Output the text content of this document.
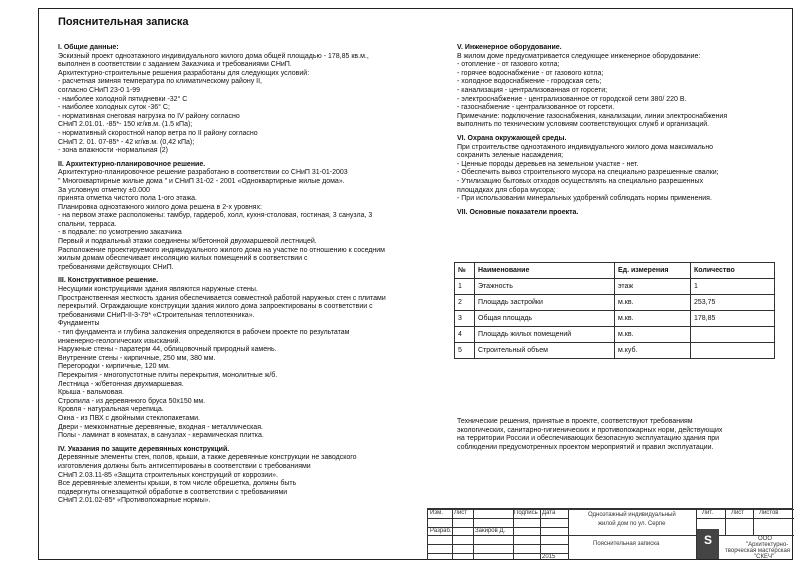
Пояснительная записка
I. Общие данные:
Эскизный проект одноэтажного индивидуального жилого дома общей площадью - 178,85 кв.м.,
выполнен в соответствии с заданием Заказчика и требованиями СНиП.
Архитектурно-строительные решения разработаны для следующих условий:
- расчетная зимняя температура по климатическому району II,
согласно СНиП 23-0 1-99
- наиболее холодной пятидневки -32° С
- наиболее холодных суток -36° С;
- нормативная снеговая нагрузка по IV району согласно
СНиП 2.01.01. -85*- 150 кг/кв.м. (1.5 кПа);
- нормативный скоростной напор ветра по II району согласно
СНиП 2. 01. 07-85* - 42 кг/кв.м. (0,42 кПа);
- зона влажности -нормальная (2)
II. Архитектурно-планировочное решение.
Архитектурно-планировочное решение разработано в соответствии со СНиП 31-01-2003
" Многоквартирные жилые дома " и СНиП 31-02 - 2001 «Одноквартирные жилые дома».
За условную отметку ±0.000
принята отметка чистого пола 1-ого этажа.
Планировка одноэтажного жилого дома решена в 2-х уровнях:
- на первом этаже расположены: тамбур, гардероб, холл, кухня-столовая, гостиная, 3 санузла, 3
спальни, терраса.
- в подвале: по усмотрению заказчика
Первый и подвальный этажи соединены ж/бетонной двухмаршевой лестницей.
Расположение проектируемого индивидуального жилого дома на участке по отношению к соседним
жилым домам обеспечивает инсоляцию жилых помещений в соответствии с
требованиями действующих СНиП.
III. Конструктивное решение.
Несущими конструкциями здания являются наружные стены.
Пространственная жесткость здания обеспечивается совместной работой наружных стен с плитами
перекрытий. Ограждающие конструкции здания жилого дома запроектированы в соответствии с
требованиями СНиП-II-3-79* «Строительная теплотехника».
Фундаменты
- тип фундамента и глубина заложения определяются в рабочем проекте по результатам
инженерно-геологических изысканий.
Наружные стены - паратерм 44, облицовочный природный камень.
Внутренние стены - кирпичные, 250 мм, 380 мм.
Перегородки - кирпичные, 120 мм.
Перекрытия - многопустотные плиты перекрытия, монолитные ж/б.
Лестница - ж/бетонная двухмаршевая.
Крыша - вальмовая.
Стропила - из деревянного бруса 50x150 мм.
Кровля - натуральная черепица.
Окна - из ПВХ с двойными стеклопакетами.
Двери - межкомнатные деревянные, входная - металлическая.
Полы - ламинат в комнатах, в санузлах - керамическая плитка.
IV. Указания по защите деревянных конструкций.
Деревянные элементы стен, полов, крыши, а также деревянные конструкции не заводского
изготовления должны быть антисептированы в соответствии с требованиями
СНиП 2.03.11-85 «Защита строительных конструкций от коррозии».
Все деревянные элементы крыши, в том числе обрешетка, должны быть
подвергнуты огнезащитной обработке в соответствии с требованиями
СНиП 2.01.02-85* «Противопожарные нормы».
V. Инженерное оборудование.
В жилом доме предусматривается следующее инженерное оборудование:
- отопление - от газового котла;
- горячее водоснабжение - от газового котла;
- холодное водоснабжение - городская сеть;
- канализация - централизованная от горсети;
- электроснабжение - централизованное от городской сети 380/ 220 В.
- газоснабжение - централизованное от горсети.
Примечание: подключение газоснабжения, канализации, линии электроснабжения
выполнить по техническим условиям соответствующих служб и организаций.
VI. Охрана окружающей среды.
При строительстве одноэтажного индивидуального жилого дома максимально
сохранить зеленые насаждения;
- Ценные породы деревьев на земельном участке - нет.
- Обеспечить вывоз строительного мусора на специально разрешенные свалки;
- Утилизацию бытовых отходов осуществлять на специально разрешенных
площадках для сбора мусора;
- При использовании минеральных удобрений соблюдать нормы применения.
VII. Основные показатели проекта.
№	Наименование	Ед. измерения	Количество
1	Этажность	этаж	1
2	Площадь застройки	м.кв.	253,75
3	Общая площадь	м.кв.	178,85
4	Площадь жилых помещений	м.кв.	
5	Строительный объем	м.куб.	
Технические решения, принятые в проекте, соответствуют требованиям
экологических, санитарно-гигиенических и противопожарных норм, действующих
на территории России и обеспечивающих безопасную эксплуатацию здания при
соблюдении предусмотренных проектом мероприятий и правил эксплуатации.
Изм. Лист	Подпись Дата
Разраб.	Закиров Д.
2015
Одноэтажный индивидуальный
жилой дом по ул. Серпе
Пояснительная записка
Лит.	Лист Листов
S	ООО
"Архитектурно-
творческая мастерская
"СКЕЧ"
